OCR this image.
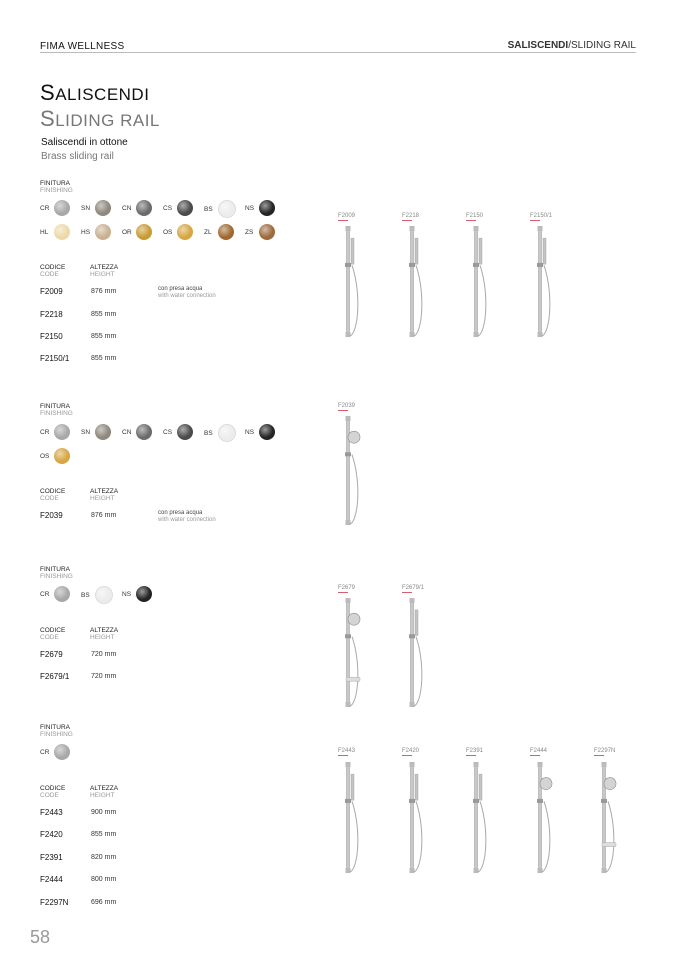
FIMA WELLNESS	SALISCENDI/SLIDING RAIL
SALISCENDI
SLIDING RAIL
Saliscendi in ottone
Brass sliding rail
FINITURA
FINISHING
CR	SN	CN	CS	BS	NS
HL	HS	OR	OS	ZL	ZS
CODICE
CODE
ALTEZZA
HEIGHT
F2009	876 mm	con presa acqua
with water connection
F2218	855 mm
F2150	855 mm
F2150/1	855 mm
F2009	F2218	F2150	F2150/1
FINITURA
FINISHING
CR	SN	CN	CS	BS	NS
OS
CODICE
CODE
ALTEZZA
HEIGHT
F2039	876 mm	con presa acqua
with water connection
F2039
FINITURA
FINISHING
CR	BS	NS
CODICE
CODE
ALTEZZA
HEIGHT
F2679	720 mm
F2679/1	720 mm
F2679	F2679/1
FINITURA
FINISHING
CR
CODICE
CODE
ALTEZZA
HEIGHT
F2443	900 mm
F2420	855 mm
F2391	820 mm
F2444	800 mm
F2297N	696 mm
F2443	F2420	F2391	F2444	F2297N
58
